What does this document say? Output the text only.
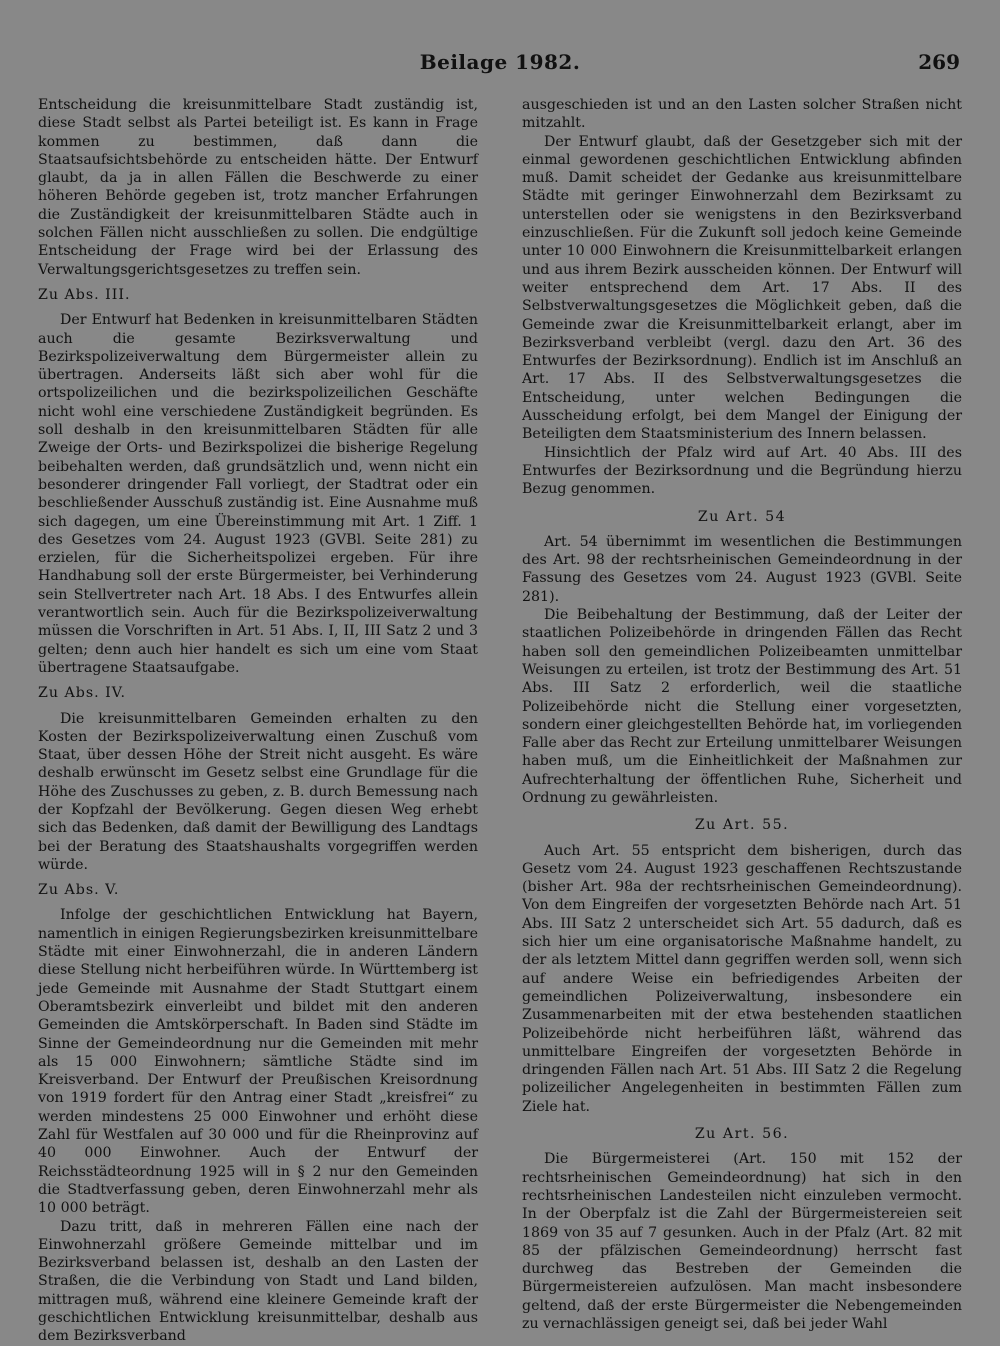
Beilage 1982.	269

Entscheidung die kreisunmittelbare Stadt zuständig ist, diese Stadt selbst als Partei beteiligt ist. Es kann in Frage kommen zu bestimmen, daß dann die Staatsaufsichtsbehörde zu entscheiden hätte. Der Entwurf glaubt, da ja in allen Fällen die Beschwerde zu einer höheren Behörde gegeben ist, trotz mancher Erfahrungen die Zuständigkeit der kreisunmittelbaren Städte auch in solchen Fällen nicht ausschließen zu sollen. Die endgültige Entscheidung der Frage wird bei der Erlassung des Verwaltungsgerichtsgesetzes zu treffen sein.

Zu Abs. III.

Der Entwurf hat Bedenken in kreisunmittelbaren Städten auch die gesamte Bezirksverwaltung und Bezirkspolizeiverwaltung dem Bürgermeister allein zu übertragen. Anderseits läßt sich aber wohl für die ortspolizeilichen und die bezirkspolizeilichen Geschäfte nicht wohl eine verschiedene Zuständigkeit begründen. Es soll deshalb in den kreisunmittelbaren Städten für alle Zweige der Orts- und Bezirkspolizei die bisherige Regelung beibehalten werden, daß grundsätzlich und, wenn nicht ein besonderer dringender Fall vorliegt, der Stadtrat oder ein beschließender Ausschuß zuständig ist. Eine Ausnahme muß sich dagegen, um eine Übereinstimmung mit Art. 1 Ziff. 1 des Gesetzes vom 24. August 1923 (GVBl. Seite 281) zu erzielen, für die Sicherheitspolizei ergeben. Für ihre Handhabung soll der erste Bürgermeister, bei Verhinderung sein Stellvertreter nach Art. 18 Abs. I des Entwurfes allein verantwortlich sein. Auch für die Bezirkspolizeiverwaltung müssen die Vorschriften in Art. 51 Abs. I, II, III Satz 2 und 3 gelten; denn auch hier handelt es sich um eine vom Staat übertragene Staatsaufgabe.

Zu Abs. IV.

Die kreisunmittelbaren Gemeinden erhalten zu den Kosten der Bezirkspolizeiverwaltung einen Zuschuß vom Staat, über dessen Höhe der Streit nicht ausgeht. Es wäre deshalb erwünscht im Gesetz selbst eine Grundlage für die Höhe des Zuschusses zu geben, z. B. durch Bemessung nach der Kopfzahl der Bevölkerung. Gegen diesen Weg erhebt sich das Bedenken, daß damit der Bewilligung des Landtags bei der Beratung des Staatshaushalts vorgegriffen werden würde.

Zu Abs. V.

Infolge der geschichtlichen Entwicklung hat Bayern, namentlich in einigen Regierungsbezirken kreisunmittelbare Städte mit einer Einwohnerzahl, die in anderen Ländern diese Stellung nicht herbeiführen würde. In Württemberg ist jede Gemeinde mit Ausnahme der Stadt Stuttgart einem Oberamtsbezirk einverleibt und bildet mit den anderen Gemeinden die Amtskörperschaft. In Baden sind Städte im Sinne der Gemeindeordnung nur die Gemeinden mit mehr als 15 000 Einwohnern; sämtliche Städte sind im Kreisverband. Der Entwurf der Preußischen Kreisordnung von 1919 fordert für den Antrag einer Stadt „kreisfrei“ zu werden mindestens 25 000 Einwohner und erhöht diese Zahl für Westfalen auf 30 000 und für die Rheinprovinz auf 40 000 Einwohner. Auch der Entwurf der Reichsstädteordnung 1925 will in § 2 nur den Gemeinden die Stadtverfassung geben, deren Einwohnerzahl mehr als 10 000 beträgt.

Dazu tritt, daß in mehreren Fällen eine nach der Einwohnerzahl größere Gemeinde mittelbar und im Bezirksverband belassen ist, deshalb an den Lasten der Straßen, die die Verbindung von Stadt und Land bilden, mittragen muß, während eine kleinere Gemeinde kraft der geschichtlichen Entwicklung kreisunmittelbar, deshalb aus dem Bezirksverband

ausgeschieden ist und an den Lasten solcher Straßen nicht mitzahlt.

Der Entwurf glaubt, daß der Gesetzgeber sich mit der einmal gewordenen geschichtlichen Entwicklung abfinden muß. Damit scheidet der Gedanke aus kreisunmittelbare Städte mit geringer Einwohnerzahl dem Bezirksamt zu unterstellen oder sie wenigstens in den Bezirksverband einzuschließen. Für die Zukunft soll jedoch keine Gemeinde unter 10 000 Einwohnern die Kreisunmittelbarkeit erlangen und aus ihrem Bezirk ausscheiden können. Der Entwurf will weiter entsprechend dem Art. 17 Abs. II des Selbstverwaltungsgesetzes die Möglichkeit geben, daß die Gemeinde zwar die Kreisunmittelbarkeit erlangt, aber im Bezirksverband verbleibt (vergl. dazu den Art. 36 des Entwurfes der Bezirksordnung). Endlich ist im Anschluß an Art. 17 Abs. II des Selbstverwaltungsgesetzes die Entscheidung, unter welchen Bedingungen die Ausscheidung erfolgt, bei dem Mangel der Einigung der Beteiligten dem Staatsministerium des Innern belassen.

Hinsichtlich der Pfalz wird auf Art. 40 Abs. III des Entwurfes der Bezirksordnung und die Begründung hierzu Bezug genommen.

Zu Art. 54

Art. 54 übernimmt im wesentlichen die Bestimmungen des Art. 98 der rechtsrheinischen Gemeindeordnung in der Fassung des Gesetzes vom 24. August 1923 (GVBl. Seite 281).

Die Beibehaltung der Bestimmung, daß der Leiter der staatlichen Polizeibehörde in dringenden Fällen das Recht haben soll den gemeindlichen Polizeibeamten unmittelbar Weisungen zu erteilen, ist trotz der Bestimmung des Art. 51 Abs. III Satz 2 erforderlich, weil die staatliche Polizeibehörde nicht die Stellung einer vorgesetzten, sondern einer gleichgestellten Behörde hat, im vorliegenden Falle aber das Recht zur Erteilung unmittelbarer Weisungen haben muß, um die Einheitlichkeit der Maßnahmen zur Aufrechterhaltung der öffentlichen Ruhe, Sicherheit und Ordnung zu gewährleisten.

Zu Art. 55.

Auch Art. 55 entspricht dem bisherigen, durch das Gesetz vom 24. August 1923 geschaffenen Rechtszustande (bisher Art. 98a der rechtsrheinischen Gemeindeordnung). Von dem Eingreifen der vorgesetzten Behörde nach Art. 51 Abs. III Satz 2 unterscheidet sich Art. 55 dadurch, daß es sich hier um eine organisatorische Maßnahme handelt, zu der als letztem Mittel dann gegriffen werden soll, wenn sich auf andere Weise ein befriedigendes Arbeiten der gemeindlichen Polizeiverwaltung, insbesondere ein Zusammenarbeiten mit der etwa bestehenden staatlichen Polizeibehörde nicht herbeiführen läßt, während das unmittelbare Eingreifen der vorgesetzten Behörde in dringenden Fällen nach Art. 51 Abs. III Satz 2 die Regelung polizeilicher Angelegenheiten in bestimmten Fällen zum Ziele hat.

Zu Art. 56.

Die Bürgermeisterei (Art. 150 mit 152 der rechtsrheinischen Gemeindeordnung) hat sich in den rechtsrheinischen Landesteilen nicht einzuleben vermocht. In der Oberpfalz ist die Zahl der Bürgermeistereien seit 1869 von 35 auf 7 gesunken. Auch in der Pfalz (Art. 82 mit 85 der pfälzischen Gemeindeordnung) herrscht fast durchweg das Bestreben der Gemeinden die Bürgermeistereien aufzulösen. Man macht insbesondere geltend, daß der erste Bürgermeister die Nebengemeinden zu vernachlässigen geneigt sei, daß bei jeder Wahl
